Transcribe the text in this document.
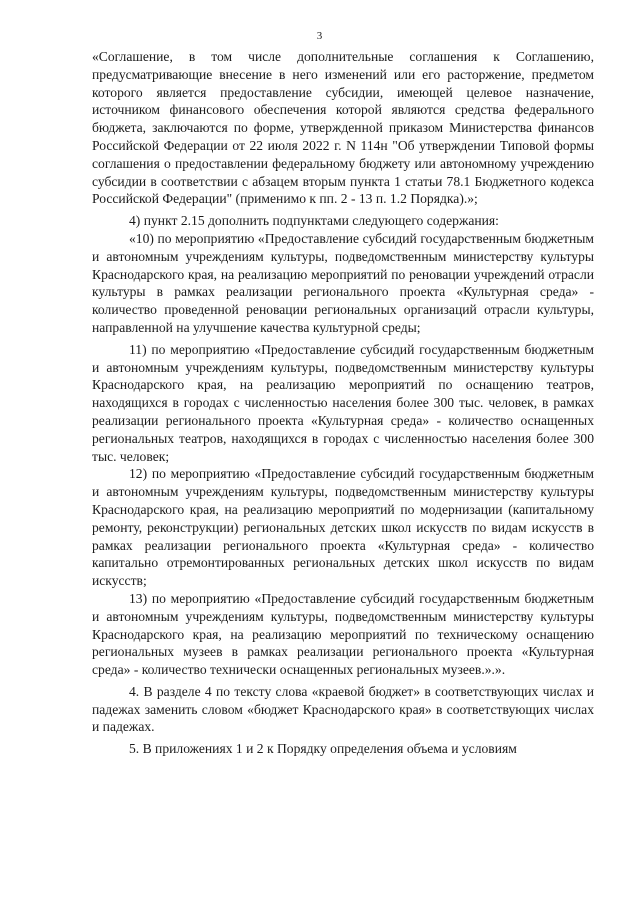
3

«Соглашение, в том числе дополнительные соглашения к Соглашению, предусматривающие внесение в него изменений или его расторжение, предметом которого является предоставление субсидии, имеющей целевое назначение, источником финансового обеспечения которой являются средства федерального бюджета, заключаются по форме, утвержденной приказом Министерства финансов Российской Федерации от 22 июля 2022 г. N 114н "Об утверждении Типовой формы соглашения о предоставлении федеральному бюджету или автономному учреждению субсидии в соответствии с абзацем вторым пункта 1 статьи 78.1 Бюджетного кодекса Российской Федерации" (применимо к пп. 2 - 13 п. 1.2 Порядка).»;

4) пункт 2.15 дополнить подпунктами следующего содержания:

«10) по мероприятию «Предоставление субсидий государственным бюджетным и автономным учреждениям культуры, подведомственным министерству культуры Краснодарского края, на реализацию мероприятий по реновации учреждений отрасли культуры в рамках реализации регионального проекта «Культурная среда» - количество проведенной реновации региональных организаций отрасли культуры, направленной на улучшение качества культурной среды;

11) по мероприятию «Предоставление субсидий государственным бюджетным и автономным учреждениям культуры, подведомственным министерству культуры Краснодарского края, на реализацию мероприятий по оснащению театров, находящихся в городах с численностью населения более 300 тыс. человек, в рамках реализации регионального проекта «Культурная среда» - количество оснащенных региональных театров, находящихся в городах с численностью населения более 300 тыс. человек;

12) по мероприятию «Предоставление субсидий государственным бюджетным и автономным учреждениям культуры, подведомственным министерству культуры Краснодарского края, на реализацию мероприятий по модернизации (капитальному ремонту, реконструкции) региональных детских школ искусств по видам искусств в рамках реализации регионального проекта «Культурная среда» - количество капитально отремонтированных региональных детских школ искусств по видам искусств;

13) по мероприятию «Предоставление субсидий государственным бюджетным и автономным учреждениям культуры, подведомственным министерству культуры Краснодарского края, на реализацию мероприятий по техническому оснащению региональных музеев в рамках реализации регионального проекта «Культурная среда» - количество технически оснащенных региональных музеев.».».

4. В разделе 4 по тексту слова «краевой бюджет» в соответствующих числах и падежах заменить словом «бюджет Краснодарского края» в соответствующих числах и падежах.

5. В приложениях 1 и 2 к Порядку определения объема и условиям
